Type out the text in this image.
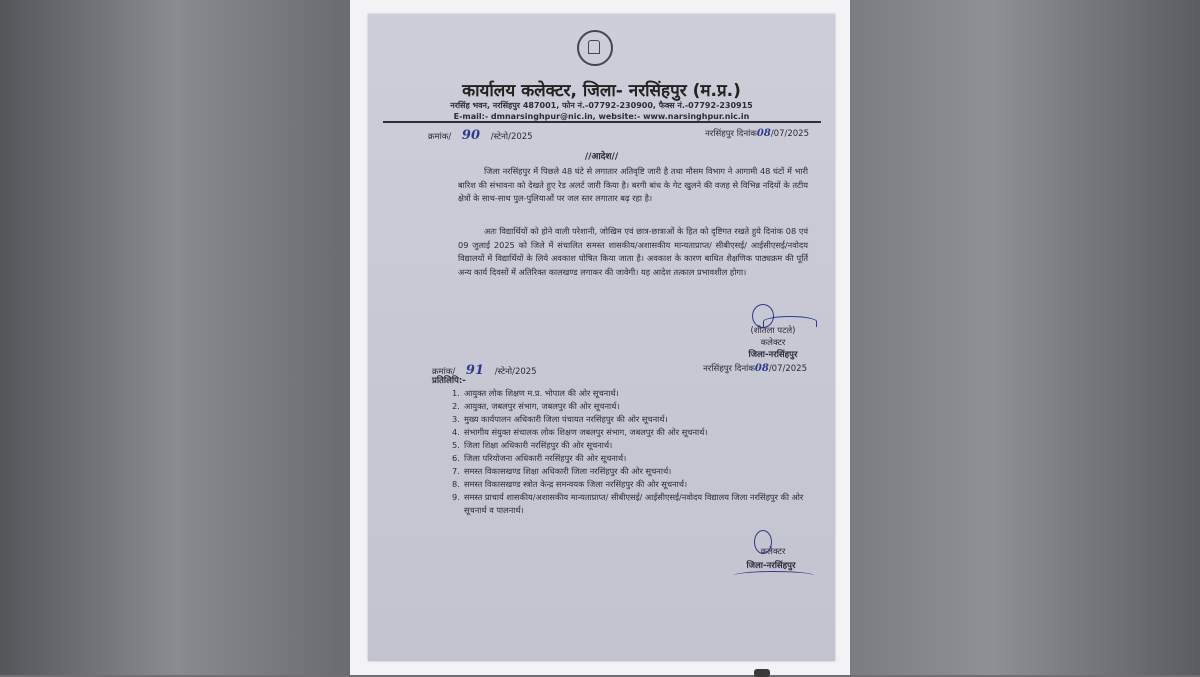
कार्यालय कलेक्टर, जिला- नरसिंहपुर (म.प्र.)
नरसिंह भवन, नरसिंहपुर 487001, फोन नं.-07792-230900, फैक्स नं.-07792-230915
E-mail:- dmnarsinghpur@nic.in, website:- www.narsinghpur.nic.in
क्रमांक/ 90 /स्टेनो/2025	नरसिंहपुर दिनांक08/07/2025
//आदेश//
जिला नरसिंहपुर में पिछले 48 घंटे से लगातार अतिवृष्टि जारी है तथा मौसम विभाग ने आगामी 48 घंटों में भारी बारिश की संभावना को देखते हुए रेड अलर्ट जारी किया है। बरगी बांध के गेट खुलने की वजह से विभिन्न नदियों के तटीय क्षेत्रों के साथ-साथ पुल-पुलियाओं पर जल स्तर लगातार बढ़ रहा है।
अतः विद्यार्थियों को होने वाली परेशानी, जोखिम एवं छात्र-छात्राओं के हित को दृष्टिगत रखते हुये दिनांक 08 एवं 09 जुलाई 2025 को जिले में संचालित समस्त शासकीय/अशासकीय मान्यताप्राप्त/ सीबीएसई/ आईसीएसई/नवोदय विद्यालयों में विद्यार्थियों के लिये अवकाश घोषित किया जाता है। अवकाश के कारण बाधित शैक्षणिक पाठ्यक्रम की पूर्ति अन्य कार्य दिवसों में अतिरिक्त कालखण्ड लगाकर की जावेगी। यह आदेश तत्काल प्रभावशील होगा।
(शीतला पटले)
कलेक्टर
जिला-नरसिंहपुर
क्रमांक/ 91 /स्टेनो/2025	नरसिंहपुर दिनांक08/07/2025
प्रतिलिपि:-
1. आयुक्त लोक शिक्षण म.प्र. भोपाल की ओर सूचनार्थ।
2. आयुक्त, जबलपुर संभाग, जबलपुर की ओर सूचनार्थ।
3. मुख्य कार्यपालन अधिकारी जिला पंचायत नरसिंहपुर की ओर सूचनार्थ।
4. संभागीय संयुक्त संचालक लोक शिक्षण जबलपुर संभाग, जबलपुर की ओर सूचनार्थ।
5. जिला शिक्षा अधिकारी नरसिंहपुर की ओर सूचनार्थ।
6. जिला परियोजना अधिकारी नरसिंहपुर की ओर सूचनार्थ।
7. समस्त विकासखण्ड शिक्षा अधिकारी जिला नरसिंहपुर की ओर सूचनार्थ।
8. समस्त विकासखण्ड स्त्रोत केन्द्र समन्वयक जिला नरसिंहपुर की ओर सूचनार्थ।
9. समस्त प्राचार्य शासकीय/अशासकीय मान्यताप्राप्त/ सीबीएसई/ आईसीएसई/नवोदय विद्यालय जिला नरसिंहपुर की ओर सूचनार्थ व पालनार्थ।
कलेक्टर
जिला-नरसिंहपुर
